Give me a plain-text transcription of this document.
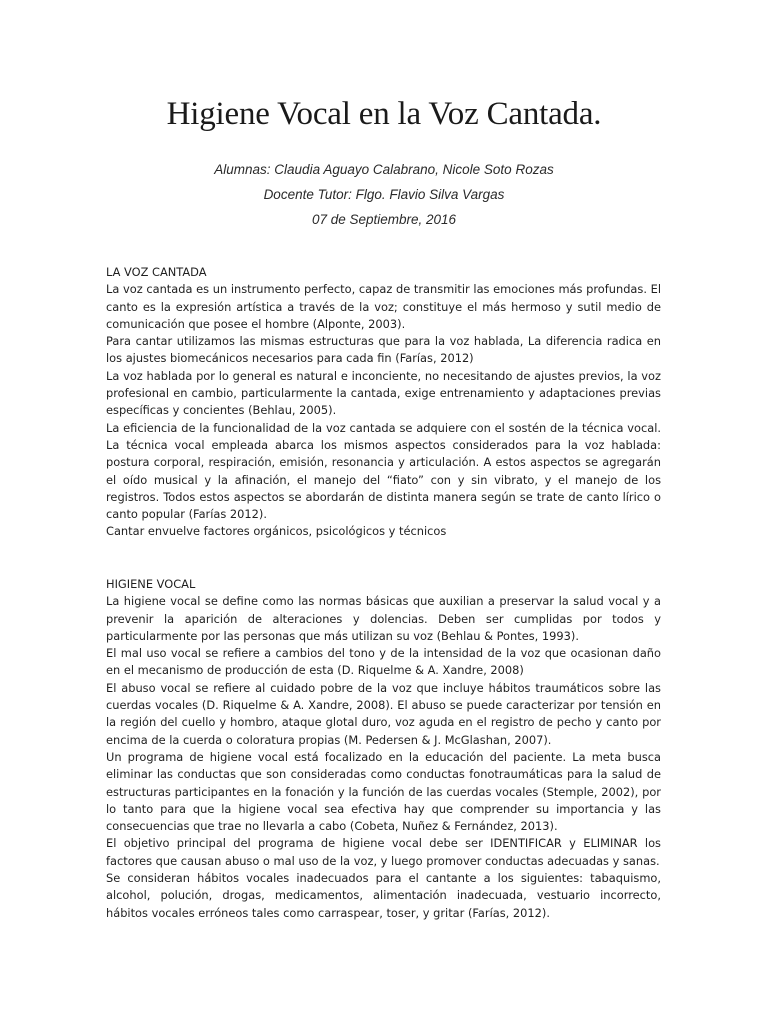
Higiene Vocal en la Voz Cantada.
Alumnas: Claudia Aguayo Calabrano, Nicole Soto Rozas
Docente Tutor: Flgo. Flavio Silva Vargas
07 de Septiembre, 2016
LA VOZ CANTADA

La voz cantada es un instrumento perfecto, capaz de transmitir las emociones más profundas. El canto es la expresión artística a través de la voz; constituye el más hermoso y sutil medio de comunicación que posee el hombre (Alponte, 2003).

Para cantar utilizamos las mismas estructuras que para la voz hablada, La diferencia radica en los ajustes biomecánicos necesarios para cada fin (Farías, 2012)

La voz hablada por lo general es natural e inconciente, no necesitando de ajustes previos, la voz profesional en cambio, particularmente la cantada, exige entrenamiento y adaptaciones previas específicas y concientes (Behlau, 2005).

La eficiencia de la funcionalidad de la voz cantada se adquiere con el sostén de la técnica vocal. La técnica vocal empleada abarca los mismos aspectos considerados para la voz hablada: postura corporal, respiración, emisión, resonancia y articulación. A estos aspectos se agregarán el oído musical y la afinación, el manejo del “fiato” con y sin vibrato, y el manejo de los registros. Todos estos aspectos se abordarán de distinta manera según se trate de canto lírico o canto popular (Farías 2012).

Cantar envuelve factores orgánicos, psicológicos y técnicos

HIGIENE VOCAL

La higiene vocal se define como las normas básicas que auxilian a preservar la salud vocal y a prevenir la aparición de alteraciones y dolencias. Deben ser cumplidas por todos y particularmente por las personas que más utilizan su voz (Behlau & Pontes, 1993).

El mal uso vocal se refiere a cambios del tono y de la intensidad de la voz que ocasionan daño en el mecanismo de producción de esta (D. Riquelme & A. Xandre, 2008)

El abuso vocal se refiere al cuidado pobre de la voz que incluye hábitos traumáticos sobre las cuerdas vocales (D. Riquelme & A. Xandre, 2008). El abuso se puede caracterizar por tensión en la región del cuello y hombro, ataque glotal duro, voz aguda en el registro de pecho y canto por encima de la cuerda o coloratura propias (M. Pedersen & J. McGlashan, 2007).

Un programa de higiene vocal está focalizado en la educación del paciente. La meta busca eliminar las conductas que son consideradas como conductas fonotraumáticas para la salud de estructuras participantes en la fonación y la función de las cuerdas vocales (Stemple, 2002), por lo tanto para que la higiene vocal sea efectiva hay que comprender su importancia y las consecuencias que trae no llevarla a cabo (Cobeta, Nuñez & Fernández, 2013).

El objetivo principal del programa de higiene vocal debe ser IDENTIFICAR y ELIMINAR los factores que causan abuso o mal uso de la voz, y luego promover conductas adecuadas y sanas.

Se consideran hábitos vocales inadecuados para el cantante a los siguientes: tabaquismo, alcohol, polución, drogas, medicamentos, alimentación inadecuada, vestuario incorrecto, hábitos vocales erróneos tales como carraspear, toser, y gritar (Farías, 2012).
